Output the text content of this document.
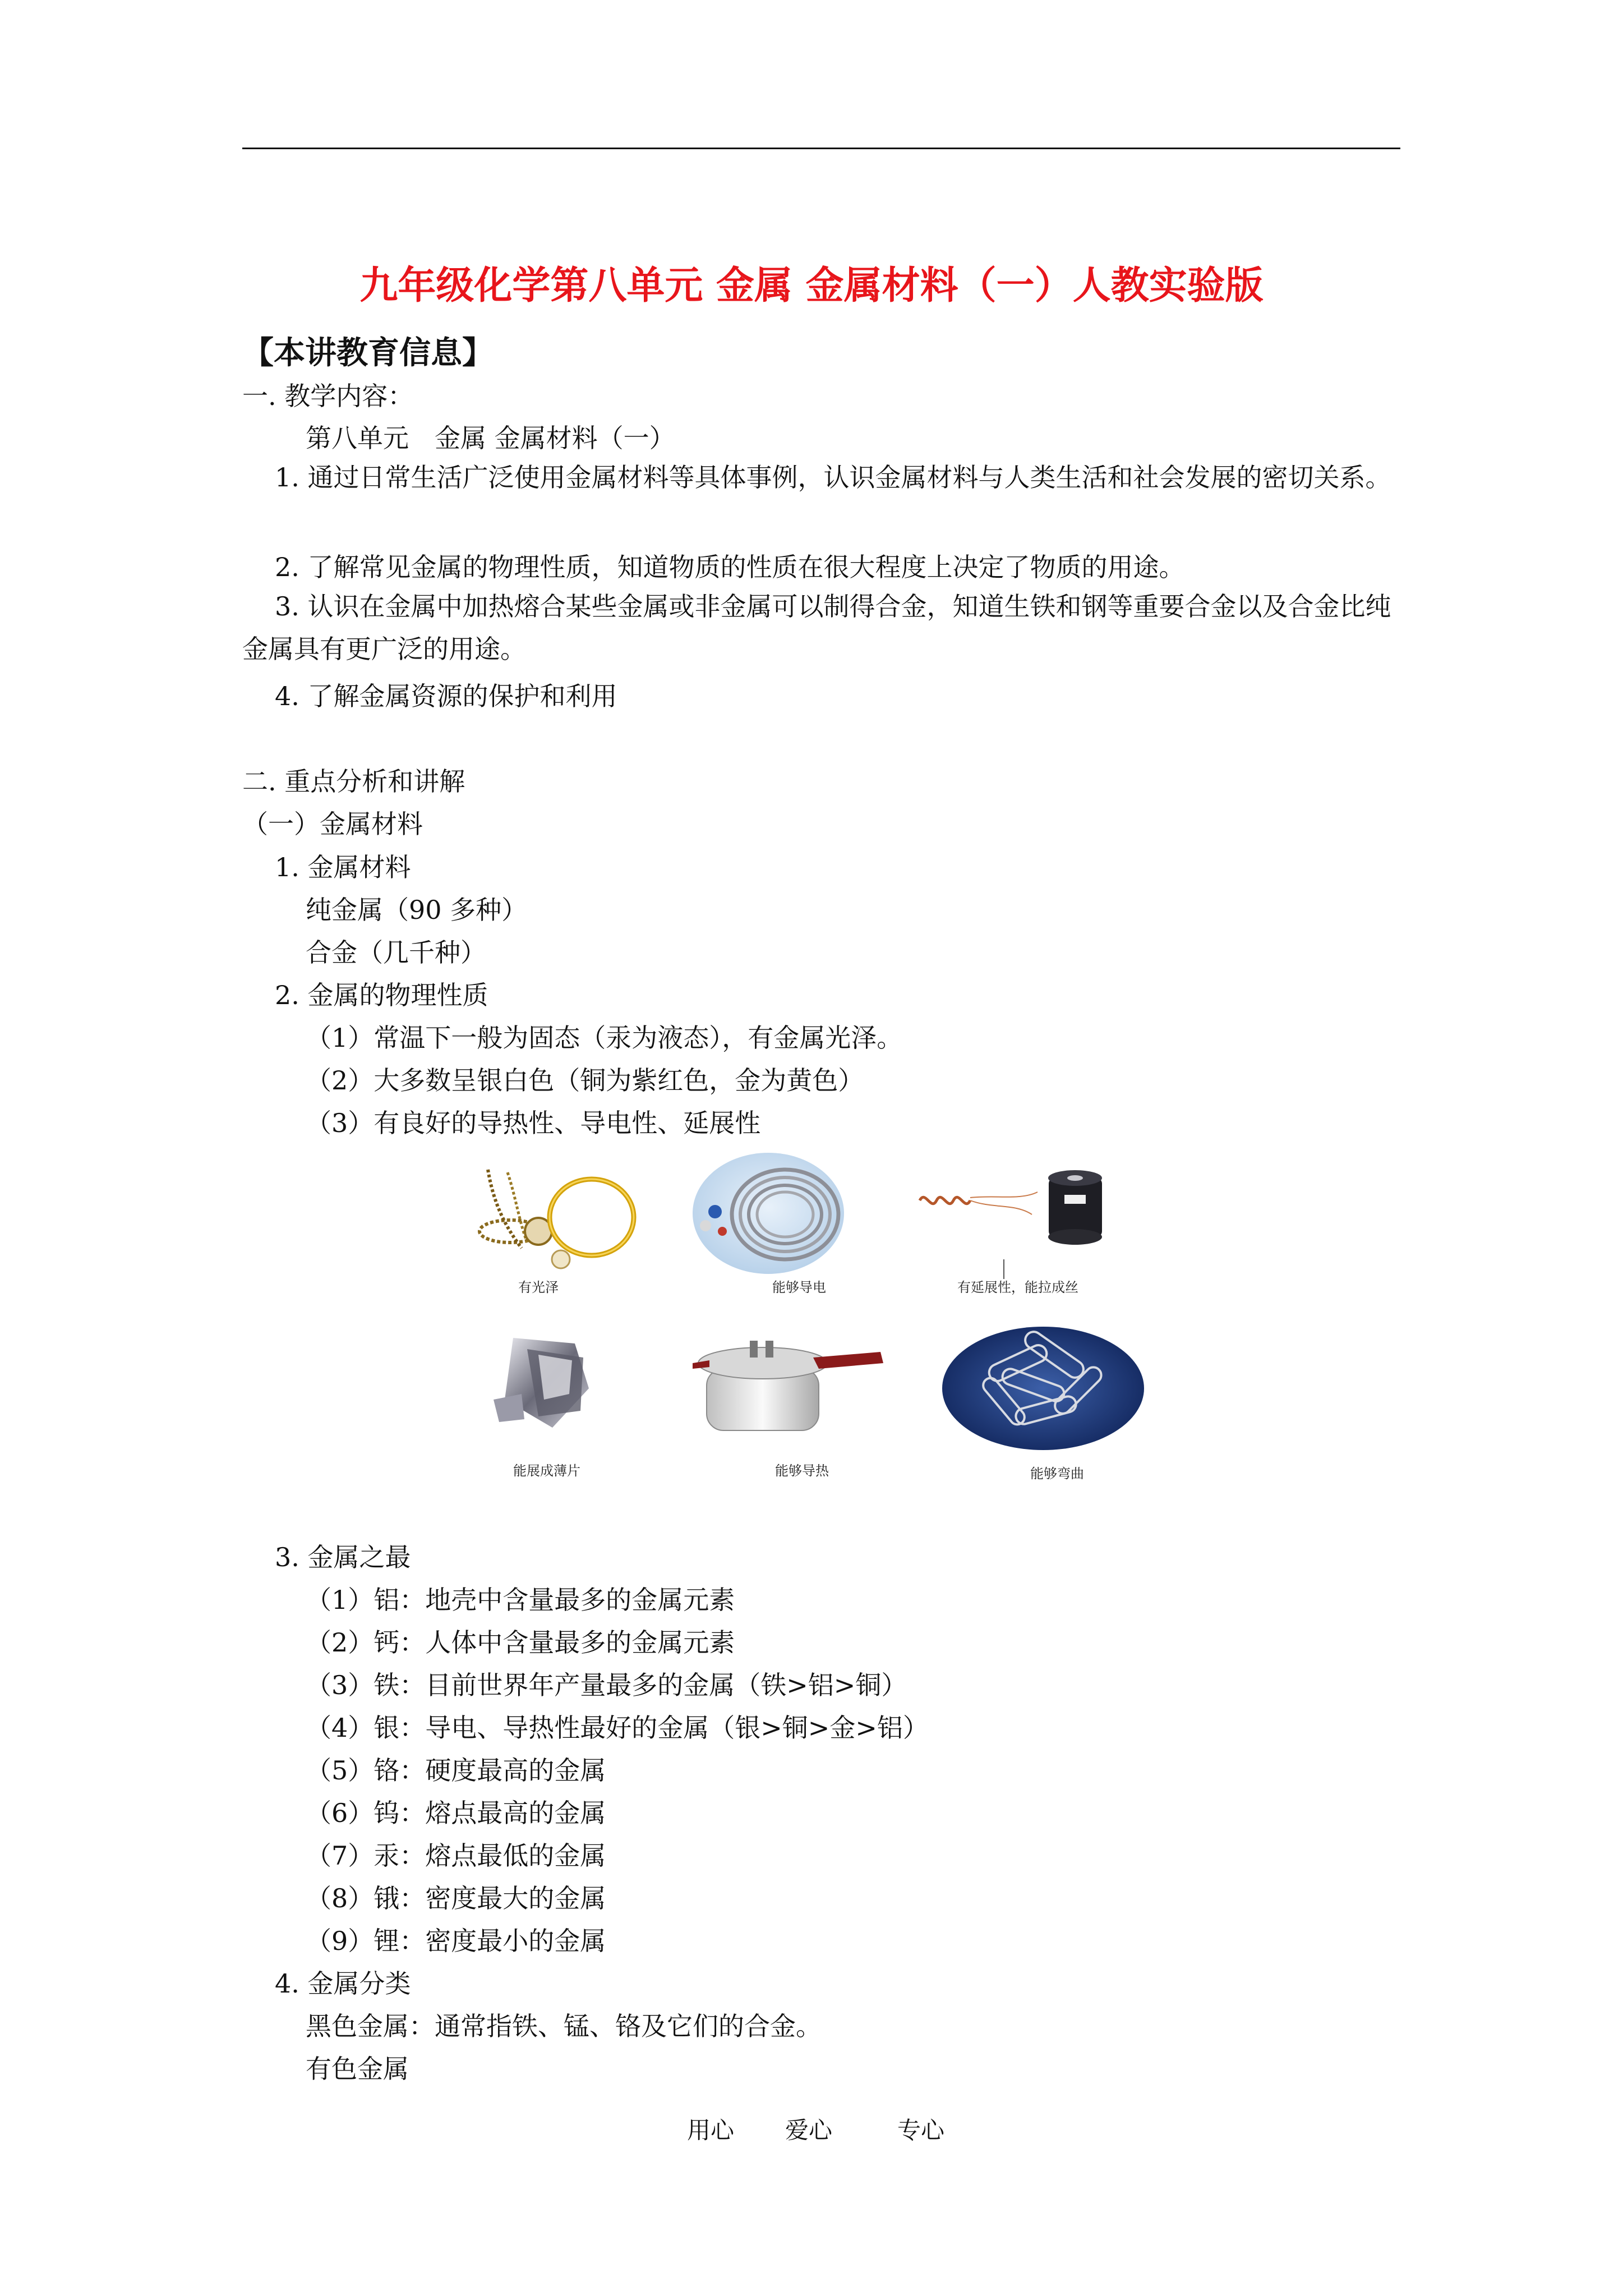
九年级化学第八单元 金属 金属材料（一）人教实验版
【本讲教育信息】
一. 教学内容：
第八单元　金属 金属材料（一）
1. 通过日常生活广泛使用金属材料等具体事例，认识金属材料与人类生活和社会发展的密切关系。
2. 了解常见金属的物理性质，知道物质的性质在很大程度上决定了物质的用途。
3. 认识在金属中加热熔合某些金属或非金属可以制得合金，知道生铁和钢等重要合金以及合金比纯金属具有更广泛的用途。
4. 了解金属资源的保护和利用
二. 重点分析和讲解
（一）金属材料
1. 金属材料
纯金属（90 多种）
合金（几千种）
2. 金属的物理性质
（1）常温下一般为固态（汞为液态），有金属光泽。
（2）大多数呈银白色（铜为紫红色，金为黄色）
（3）有良好的导热性、导电性、延展性
有光泽	能够导电	有延展性，能拉成丝
能展成薄片	能够导热	能够弯曲
3. 金属之最
（1）铝：地壳中含量最多的金属元素
（2）钙：人体中含量最多的金属元素
（3）铁：目前世界年产量最多的金属（铁>铝>铜）
（4）银：导电、导热性最好的金属（银>铜>金>铝）
（5）铬：硬度最高的金属
（6）钨：熔点最高的金属
（7）汞：熔点最低的金属
（8）锇：密度最大的金属
（9）锂：密度最小的金属
4. 金属分类
黑色金属：通常指铁、锰、铬及它们的合金。
有色金属
用心 爱心	专心
